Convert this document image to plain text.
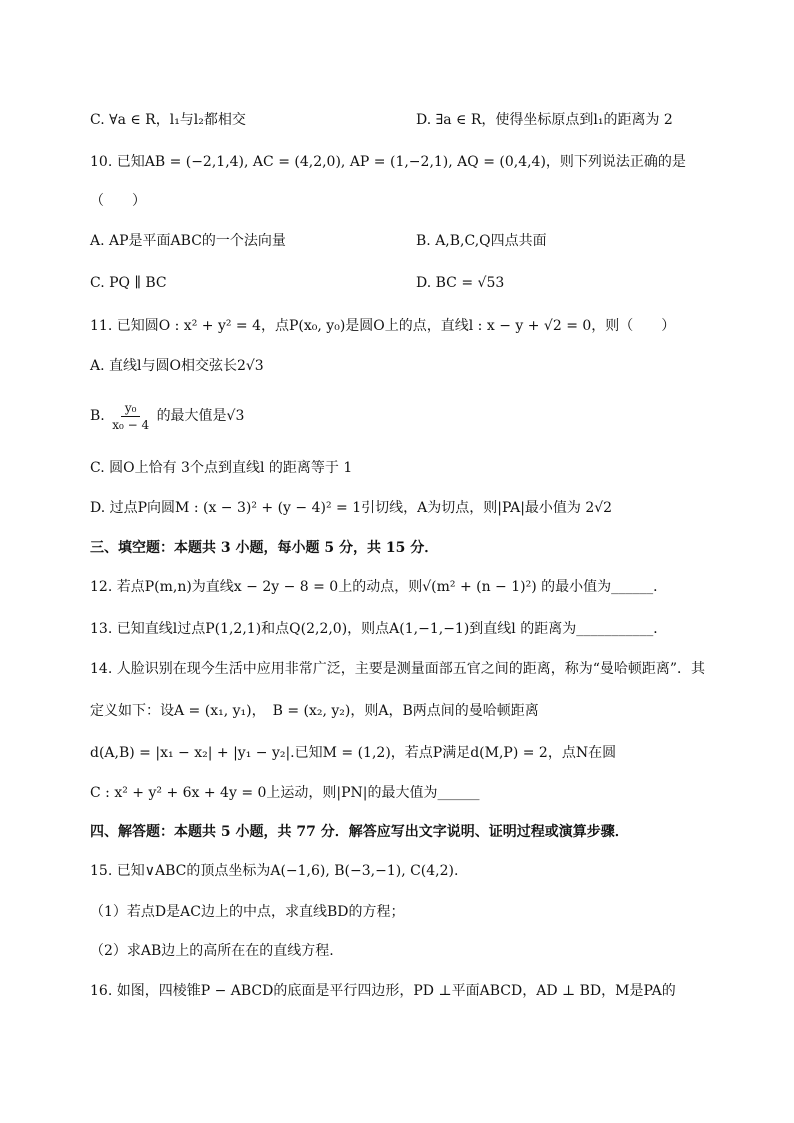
C. ∀a ∈ R，l₁与l₂都相交	D. ∃a ∈ R，使得坐标原点到l₁的距离为 2
10. 已知AB = (−2,1,4), AC = (4,2,0), AP = (1,−2,1), AQ = (0,4,4)，则下列说法正确的是
（　　）
A. AP是平面ABC的一个法向量	B. A,B,C,Q四点共面
C. PQ ∥ BC	D. BC = √53
11. 已知圆O : x² + y² = 4，点P(x₀, y₀)是圆O上的点，直线l : x − y + √2 = 0，则（　　）
A. 直线l与圆O相交弦长2√3
B. $\frac{\text{y₀}}{\text{x₀ − 4}}$ 的最大值是√3
C. 圆O上恰有 3个点到直线l 的距离等于 1
D. 过点P向圆M : (x − 3)² + (y − 4)² = 1引切线，A为切点，则|PA|最小值为 2√2
三、填空题：本题共 3 小题，每小题 5 分，共 15 分．
12. 若点P(m,n)为直线x − 2y − 8 = 0上的动点，则√(m² + (n − 1)²) 的最小值为______．
13. 已知直线l过点P(1,2,1)和点Q(2,2,0)，则点A(1,−1,−1)到直线l 的距离为___________．
14. 人脸识别在现今生活中应用非常广泛，主要是测量面部五官之间的距离，称为“曼哈顿距离”．其
定义如下：设A = (x₁, y₁)，　B = (x₂, y₂)，则A，B两点间的曼哈顿距离
d(A,B) = |x₁ − x₂| + |y₁ − y₂|.已知M = (1,2)，若点P满足d(M,P) = 2，点N在圆
C : x² + y² + 6x + 4y = 0上运动，则|PN|的最大值为______
四、解答题：本题共 5 小题，共 77 分．解答应写出文字说明、证明过程或演算步骤．
15. 已知∨ABC的顶点坐标为A(−1,6), B(−3,−1), C(4,2).
（1）若点D是AC边上的中点，求直线BD的方程；
（2）求AB边上的高所在在的直线方程.
16. 如图，四棱锥P − ABCD的底面是平行四边形，PD ⊥平面ABCD，AD ⊥ BD，M是PA的
